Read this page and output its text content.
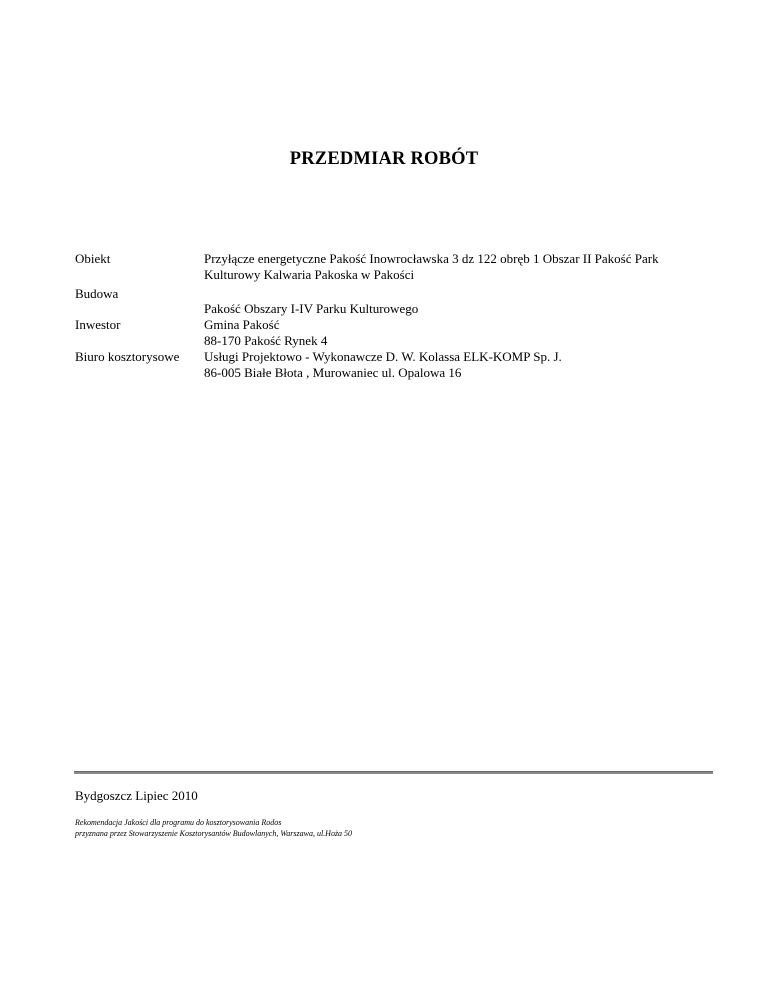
PRZEDMIAR ROBÓT
Obiekt	Przyłącze energetyczne Pakość Inowrocławska 3 dz 122 obręb 1 Obszar II Pakość Park
Kulturowy Kalwaria Pakoska w Pakości
Budowa
Pakość Obszary I-IV Parku Kulturowego
Inwestor	Gmina Pakość
88-170 Pakość Rynek 4
Biuro kosztorysowe Usługi Projektowo - Wykonawcze D. W. Kolassa ELK-KOMP Sp. J.
86-005 Białe Błota , Murowaniec ul. Opalowa 16
Bydgoszcz Lipiec 2010
Rekomendacja Jakości dla programu do kosztorysowania Rodos
przyznana przez Stowarzyszenie Kosztorysantów Budowlanych, Warszawa, ul.Hoża 50
